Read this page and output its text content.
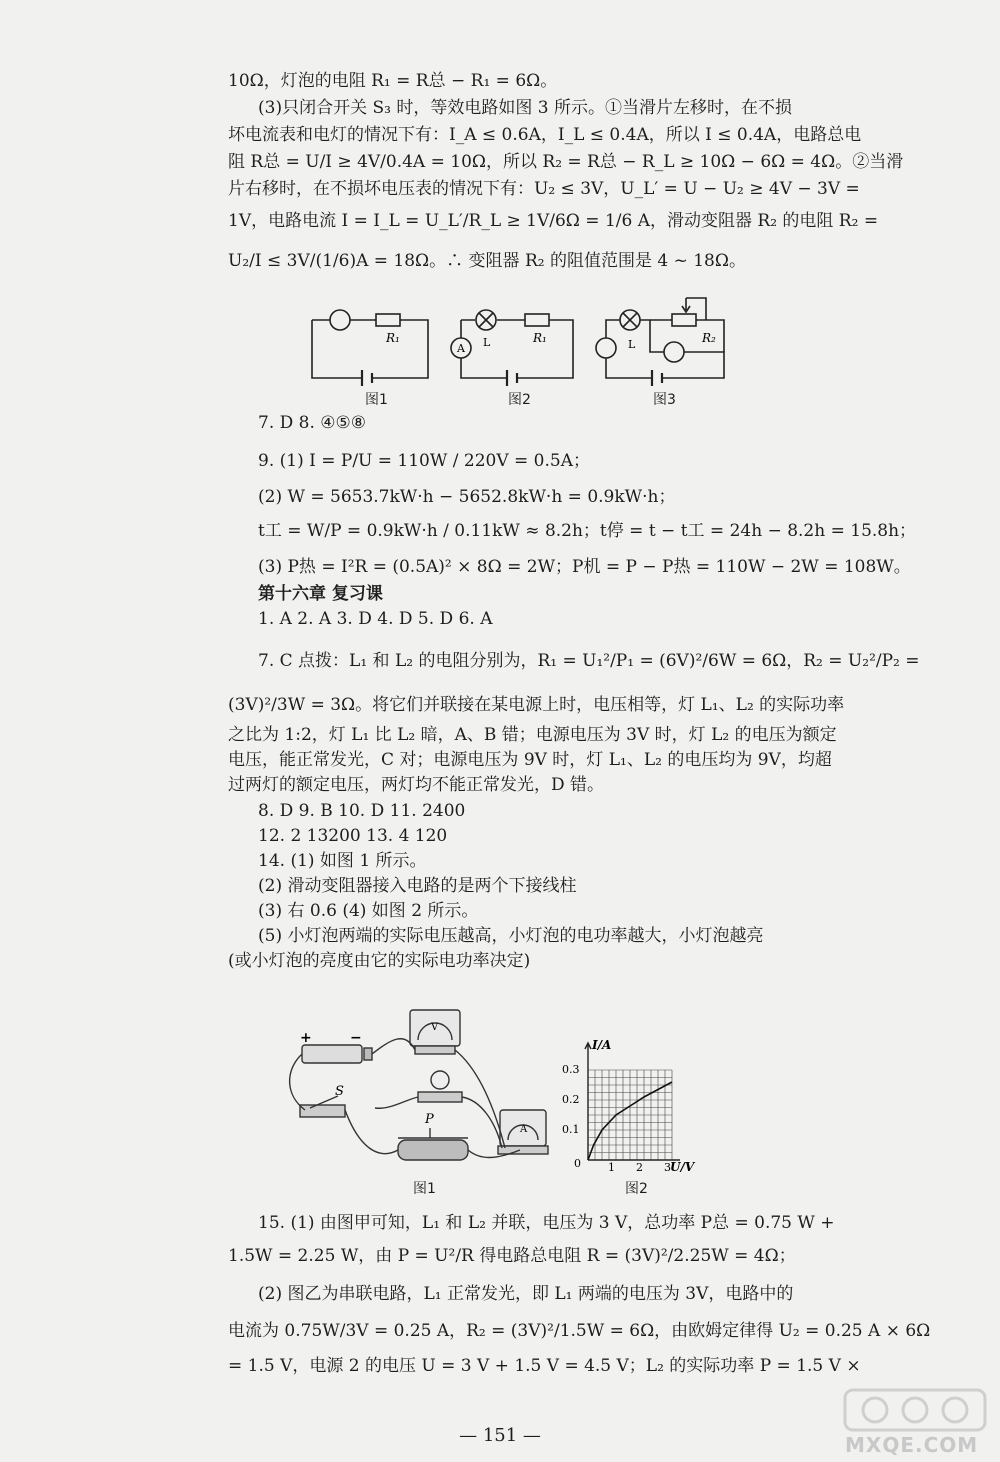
10Ω，灯泡的电阻 R₁ = R总 − R₁ = 6Ω。
(3)只闭合开关 S₃ 时，等效电路如图 3 所示。①当滑片左移时，在不损
坏电流表和电灯的情况下有：I_A ≤ 0.6A，I_L ≤ 0.4A，所以 I ≤ 0.4A，电路总电
阻 R总 = U/I ≥ 4V/0.4A = 10Ω，所以 R₂ = R总 − R_L ≥ 10Ω − 6Ω = 4Ω。②当滑
片右移时，在不损坏电压表的情况下有：U₂ ≤ 3V，U_L′ = U − U₂ ≥ 4V − 3V =
1V，电路电流 I = I_L = U_L′/R_L ≥ 1V/6Ω = 1/6 A，滑动变阻器 R₂ 的电阻 R₂ =
U₂/I ≤ 3V/(1/6)A = 18Ω。∴ 变阻器 R₂ 的阻值范围是 4 ~ 18Ω。
R₁
图1
A L	R₁
图2
L	R₂
图3
7. D 8. ④⑤⑧
9. (1) I = P/U = 110W / 220V = 0.5A；
(2) W = 5653.7kW·h − 5652.8kW·h = 0.9kW·h；
t工 = W/P = 0.9kW·h / 0.11kW ≈ 8.2h；t停 = t − t工 = 24h − 8.2h = 15.8h；
(3) P热 = I²R = (0.5A)² × 8Ω = 2W；P机 = P − P热 = 110W − 2W = 108W。
第十六章 复习课
1. A 2. A 3. D 4. D 5. D 6. A
7. C 点拨：L₁ 和 L₂ 的电阻分别为，R₁ = U₁²/P₁ = (6V)²/6W = 6Ω，R₂ = U₂²/P₂ =
(3V)²/3W = 3Ω。将它们并联接在某电源上时，电压相等，灯 L₁、L₂ 的实际功率
之比为 1:2，灯 L₁ 比 L₂ 暗，A、B 错；电源电压为 3V 时，灯 L₂ 的电压为额定
电压，能正常发光，C 对；电源电压为 9V 时，灯 L₁、L₂ 的电压均为 9V，均超
过两灯的额定电压，两灯均不能正常发光，D 错。
8. D 9. B 10. D 11. 2400
12. 2 13200 13. 4 120
14. (1) 如图 1 所示。
(2) 滑动变阻器接入电路的是两个下接线柱
(3) 右 0.6 (4) 如图 2 所示。
(5) 小灯泡两端的实际电压越高，小灯泡的电功率越大，小灯泡越亮
(或小灯泡的亮度由它的实际电功率决定)
+	−
V
A
S
P
图1
I/A
U/V
0 1 2 3
0.1
0.2
0.3
图2
15. (1) 由图甲可知，L₁ 和 L₂ 并联，电压为 3 V，总功率 P总 = 0.75 W +
1.5W = 2.25 W，由 P = U²/R 得电路总电阻 R = (3V)²/2.25W = 4Ω；
(2) 图乙为串联电路，L₁ 正常发光，即 L₁ 两端的电压为 3V，电路中的
电流为 0.75W/3V = 0.25 A，R₂ = (3V)²/1.5W = 6Ω，由欧姆定律得 U₂ = 0.25 A × 6Ω
= 1.5 V，电源 2 的电压 U = 3 V + 1.5 V = 4.5 V；L₂ 的实际功率 P = 1.5 V ×
— 151 —	MXQE.COM
